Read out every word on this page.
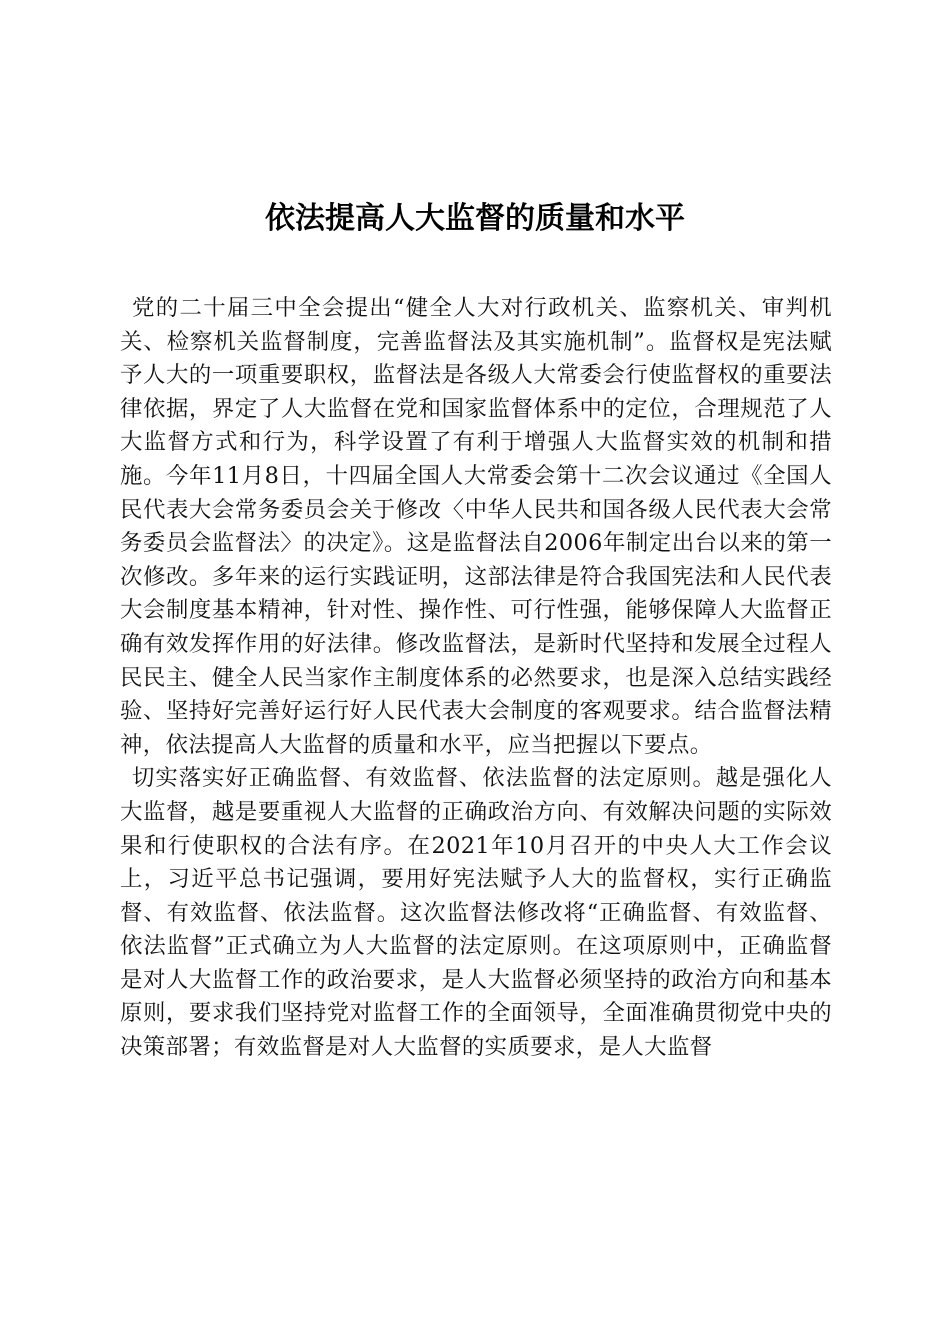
依法提高人大监督的质量和水平

党的二十届三中全会提出“健全人大对行政机关、监察机关、审判机关、检察机关监督制度，完善监督法及其实施机制”。监督权是宪法赋予人大的一项重要职权，监督法是各级人大常委会行使监督权的重要法律依据，界定了人大监督在党和国家监督体系中的定位，合理规范了人大监督方式和行为，科学设置了有利于增强人大监督实效的机制和措施。今年11月8日，十四届全国人大常委会第十二次会议通过《全国人民代表大会常务委员会关于修改〈中华人民共和国各级人民代表大会常务委员会监督法〉的决定》。这是监督法自2006年制定出台以来的第一次修改。多年来的运行实践证明，这部法律是符合我国宪法和人民代表大会制度基本精神，针对性、操作性、可行性强，能够保障人大监督正确有效发挥作用的好法律。修改监督法，是新时代坚持和发展全过程人民民主、健全人民当家作主制度体系的必然要求，也是深入总结实践经验、坚持好完善好运行好人民代表大会制度的客观要求。结合监督法精神，依法提高人大监督的质量和水平，应当把握以下要点。

切实落实好正确监督、有效监督、依法监督的法定原则。越是强化人大监督，越是要重视人大监督的正确政治方向、有效解决问题的实际效果和行使职权的合法有序。在2021年10月召开的中央人大工作会议上，习近平总书记强调，要用好宪法赋予人大的监督权，实行正确监督、有效监督、依法监督。这次监督法修改将“正确监督、有效监督、依法监督”正式确立为人大监督的法定原则。在这项原则中，正确监督是对人大监督工作的政治要求，是人大监督必须坚持的政治方向和基本原则，要求我们坚持党对监督工作的全面领导，全面准确贯彻党中央的决策部署；有效监督是对人大监督的实质要求，是人大监督
